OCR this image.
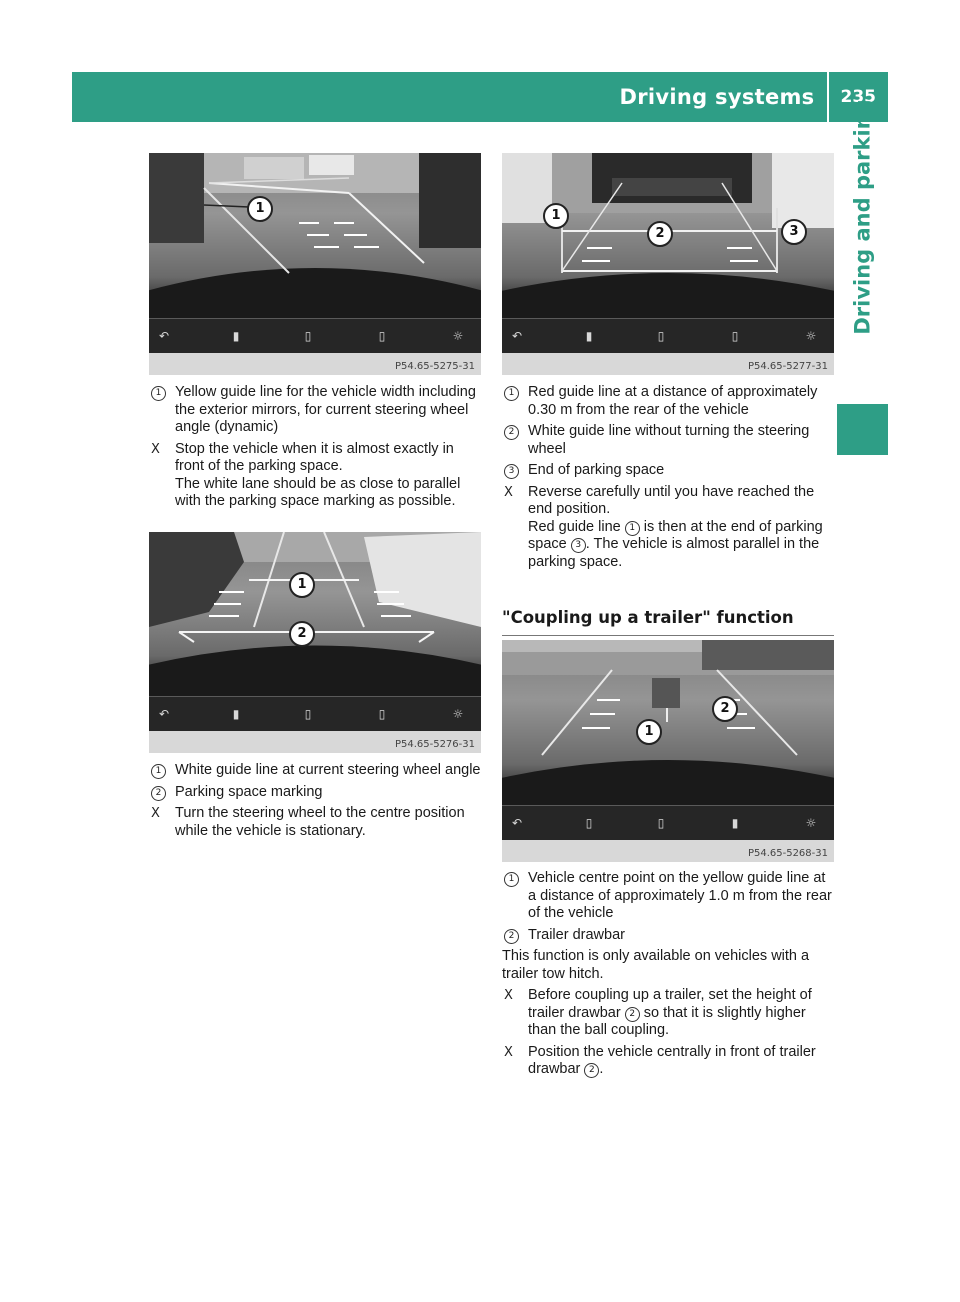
Driving systems	235
Driving and parking
1
↶	▮	▯	▯	☼
P54.65-5275-31
1 Yellow guide line for the vehicle width including the exterior mirrors, for current steering wheel angle (dynamic)
X Stop the vehicle when it is almost exactly in front of the parking space.
The white lane should be as close to parallel with the parking space marking as possible.
1
2
↶	▮	▯	▯	☼
P54.65-5276-31
1 White guide line at current steering wheel angle
2 Parking space marking
X Turn the steering wheel to the centre position while the vehicle is stationary.
1
2	3
↶	▮	▯	▯	☼
P54.65-5277-31
1 Red guide line at a distance of approximately 0.30 m from the rear of the vehicle
2 White guide line without turning the steering wheel
3 End of parking space
X Reverse carefully until you have reached the end position.
Red guide line 1 is then at the end of parking space 3 . The vehicle is almost parallel in the parking space.
"Coupling up a trailer" function
1
2
↶	▯	▯	▮	☼
P54.65-5268-31
1 Vehicle centre point on the yellow guide line at a distance of approximately 1.0 m from the rear of the vehicle
2 Trailer drawbar
This function is only available on vehicles with a trailer tow hitch.
X Before coupling up a trailer, set the height of trailer drawbar 2 so that it is slightly higher than the ball coupling.
X Position the vehicle centrally in front of trailer drawbar 2 .
